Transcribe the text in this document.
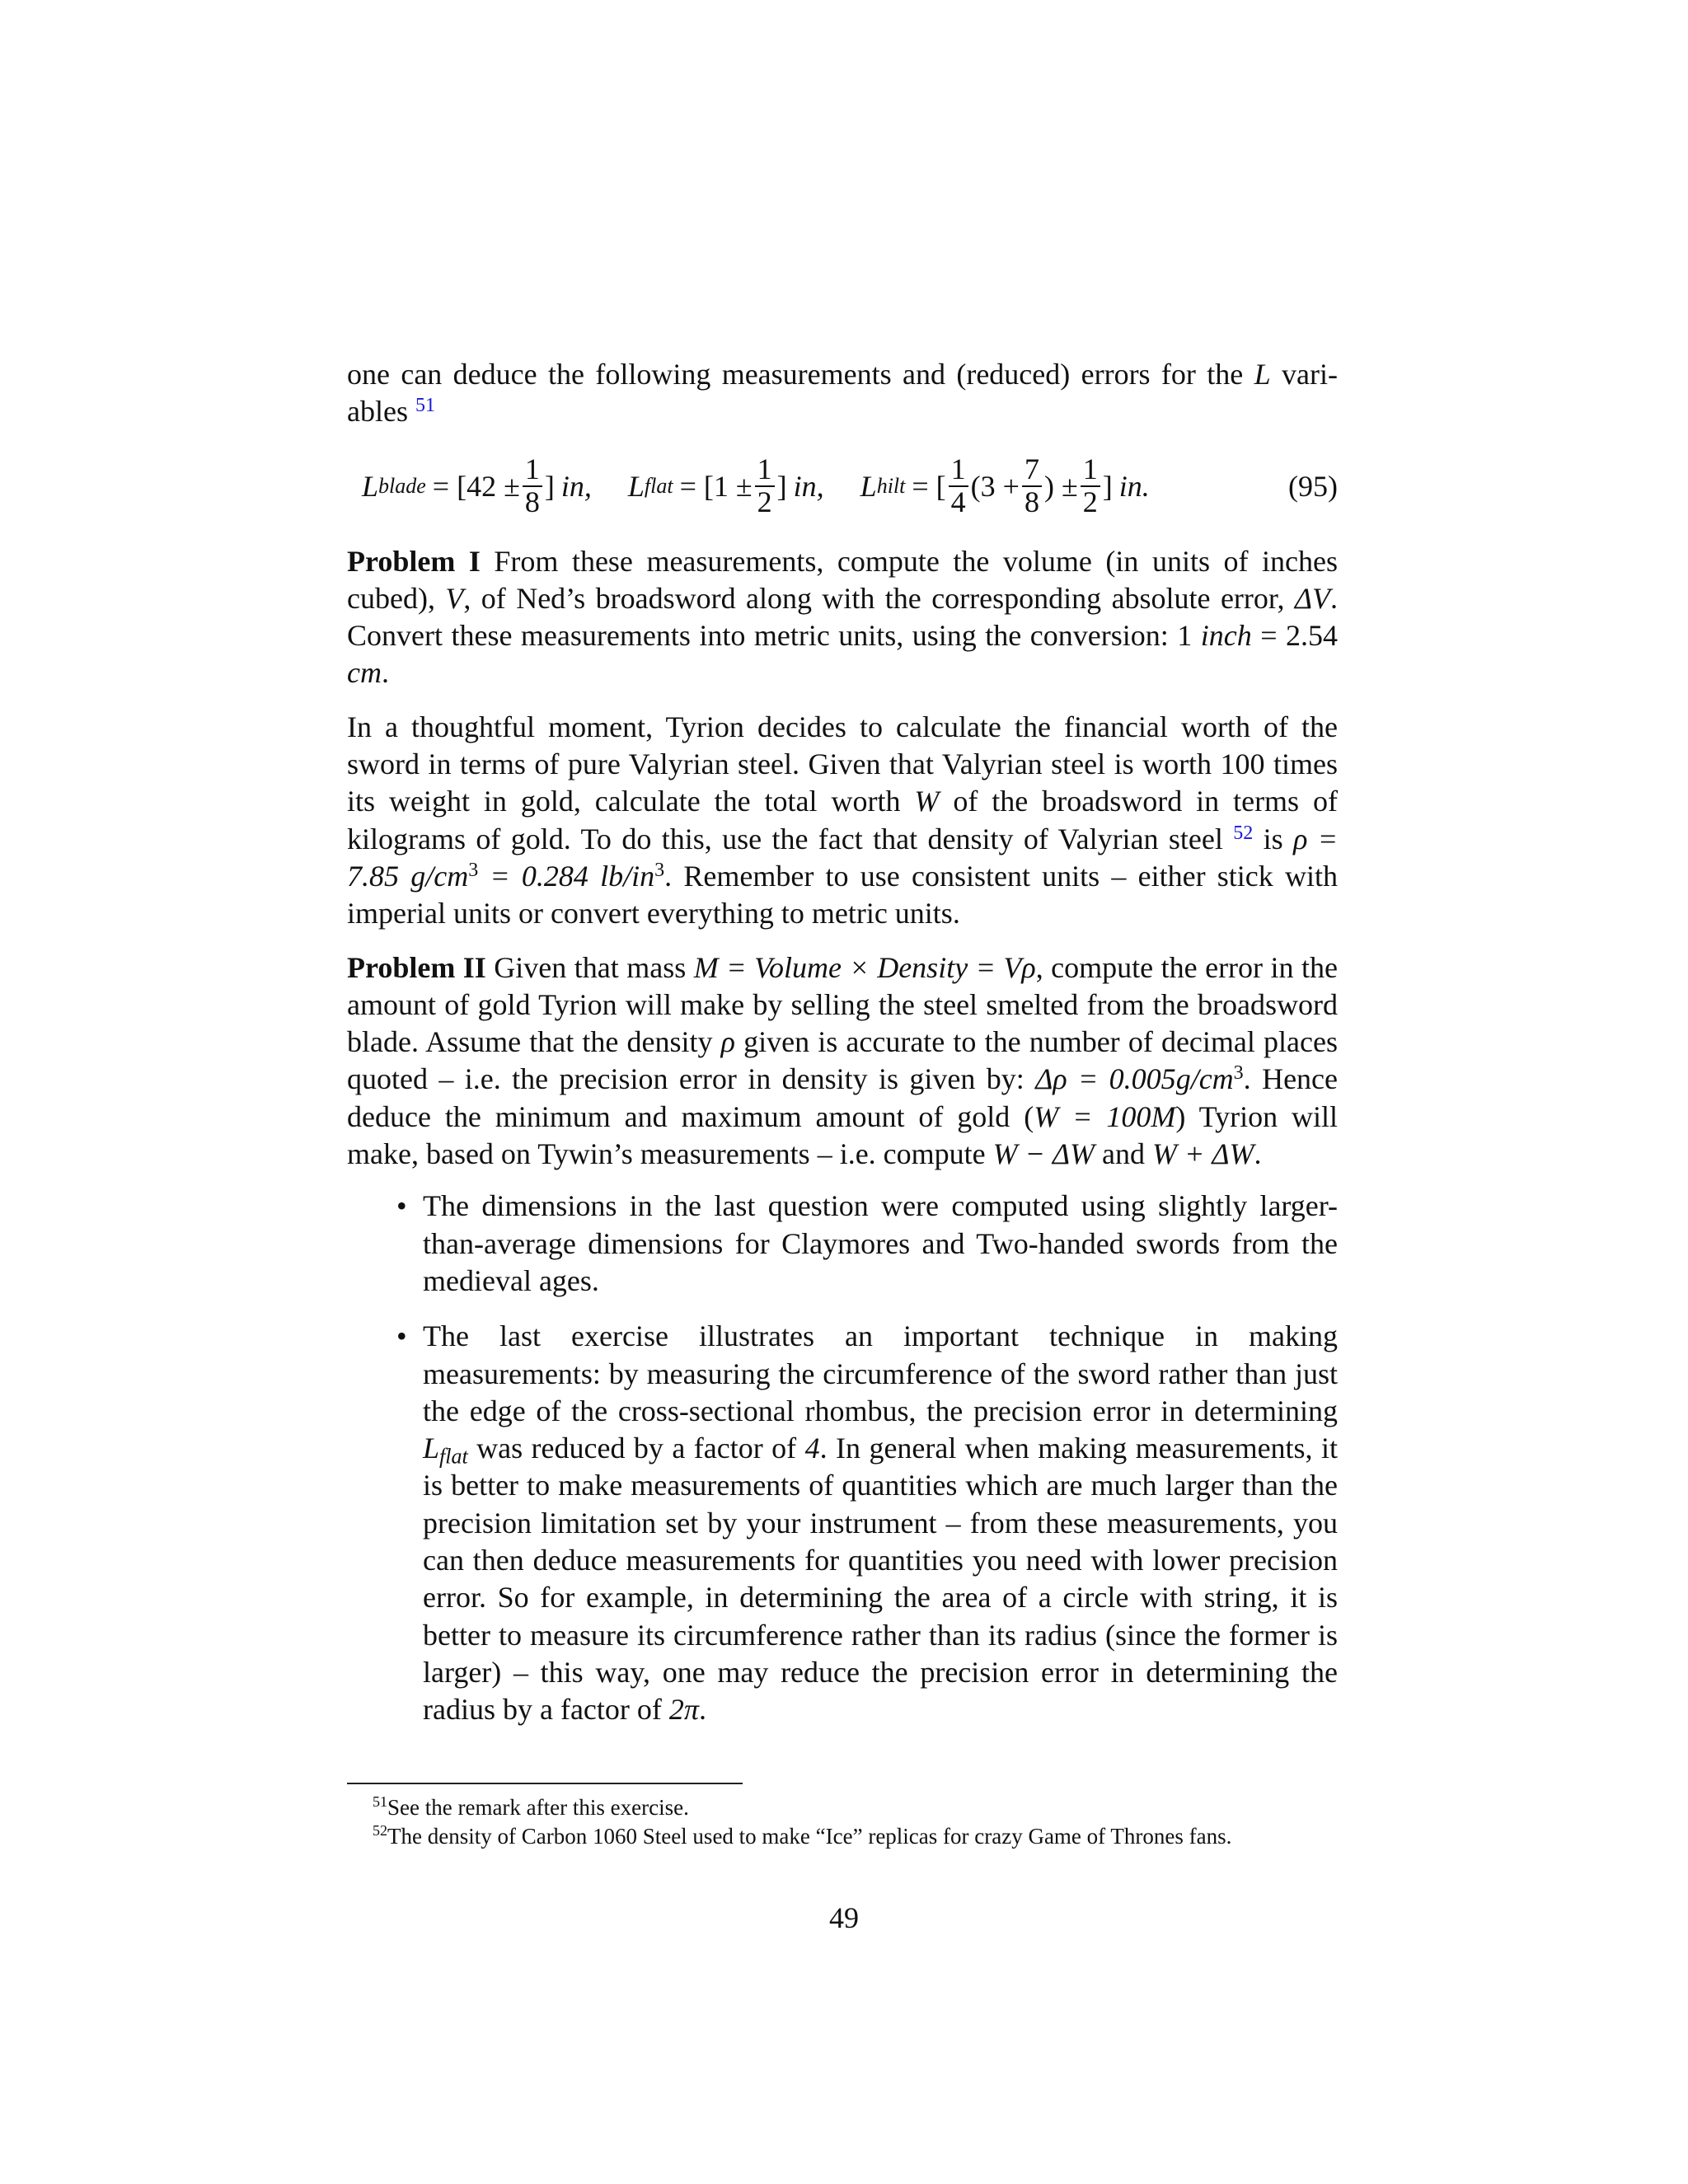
one can deduce the following measurements and (reduced) errors for the L vari-ables $^{51}$

L blade = [$42 \pm \frac{1}{8}$ ] in, L flat = [$1 \pm \frac{1}{2}$ ] in, L hilt = [ $\frac{1}{4} (3 + \frac{7}{8}$ ) ± $\frac{1}{2}$ ] in.	(95)

Problem I From these measurements, compute the volume (in units of inches cubed), V, of Ned’s broadsword along with the corresponding absolute error, ΔV. Convert these measurements into metric units, using the conversion: 1 inch = 2.54 cm.

In a thoughtful moment, Tyrion decides to calculate the financial worth of the sword in terms of pure Valyrian steel. Given that Valyrian steel is worth 100 times its weight in gold, calculate the total worth W of the broadsword in terms of kilograms of gold. To do this, use the fact that density of Valyrian steel $^{52}$ is ρ = 7.85 $g/cm^3 = 0.284$ $lb/in^3$. Remember to use consistent units – either stick with imperial units or convert everything to metric units.

Problem II Given that mass M = Volume × Density = Vρ, compute the error in the amount of gold Tyrion will make by selling the steel smelted from the broadsword blade. Assume that the density ρ given is accurate to the number of decimal places quoted – i.e. the precision error in density is given by: $\Delta\rho = 0.005g/cm^3$. Hence deduce the minimum and maximum amount of gold (W = 100M) Tyrion will make, based on Tywin’s measurements – i.e. compute W − ΔW and W + ΔW.

• The dimensions in the last question were computed using slightly larger-than-average dimensions for Claymores and Two-handed swords from the medieval ages.
• The last exercise illustrates an important technique in making measurements: by measuring the circumference of the sword rather than just the edge of the cross-sectional rhombus, the precision error in determining $L_{flat}$ was reduced by a factor of 4. In general when making measurements, it is better to make measurements of quantities which are much larger than the precision limitation set by your instrument – from these measurements, you can then deduce measurements for quantities you need with lower precision error. So for example, in determining the area of a circle with string, it is better to measure its circumference rather than its radius (since the former is larger) – this way, one may reduce the precision error in determining the radius by a factor of 2π.
$^{51}$See the remark after this exercise.
$^{52}$The density of Carbon 1060 Steel used to make “Ice” replicas for crazy Game of Thrones fans.
49
